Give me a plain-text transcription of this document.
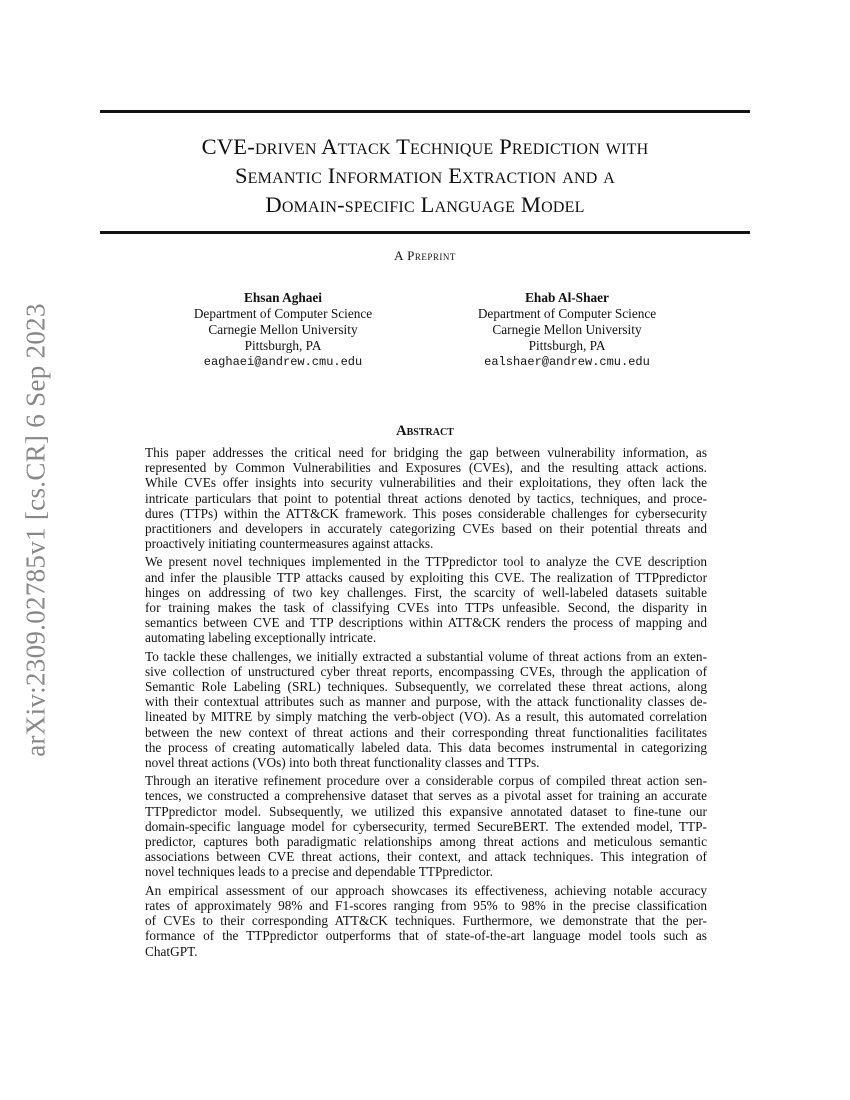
arXiv:2309.02785v1 [cs.CR] 6 Sep 2023
CVE-driven Attack Technique Prediction with
Semantic Information Extraction and a
Domain-specific Language Model
A Preprint
Ehsan Aghaei
Department of Computer Science
Carnegie Mellon University
Pittsburgh, PA
eaghaei@andrew.cmu.edu
Ehab Al-Shaer
Department of Computer Science
Carnegie Mellon University
Pittsburgh, PA
ealshaer@andrew.cmu.edu
Abstract
This paper addresses the critical need for bridging the gap between vulnerability information, as
represented by Common Vulnerabilities and Exposures (CVEs), and the resulting attack actions.
While CVEs offer insights into security vulnerabilities and their exploitations, they often lack the
intricate particulars that point to potential threat actions denoted by tactics, techniques, and proce-
dures (TTPs) within the ATT&CK framework. This poses considerable challenges for cybersecurity
practitioners and developers in accurately categorizing CVEs based on their potential threats and
proactively initiating countermeasures against attacks.
We present novel techniques implemented in the TTPpredictor tool to analyze the CVE description
and infer the plausible TTP attacks caused by exploiting this CVE. The realization of TTPpredictor
hinges on addressing of two key challenges. First, the scarcity of well-labeled datasets suitable
for training makes the task of classifying CVEs into TTPs unfeasible. Second, the disparity in
semantics between CVE and TTP descriptions within ATT&CK renders the process of mapping and
automating labeling exceptionally intricate.
To tackle these challenges, we initially extracted a substantial volume of threat actions from an exten-
sive collection of unstructured cyber threat reports, encompassing CVEs, through the application of
Semantic Role Labeling (SRL) techniques. Subsequently, we correlated these threat actions, along
with their contextual attributes such as manner and purpose, with the attack functionality classes de-
lineated by MITRE by simply matching the verb-object (VO). As a result, this automated correlation
between the new context of threat actions and their corresponding threat functionalities facilitates
the process of creating automatically labeled data. This data becomes instrumental in categorizing
novel threat actions (VOs) into both threat functionality classes and TTPs.
Through an iterative refinement procedure over a considerable corpus of compiled threat action sen-
tences, we constructed a comprehensive dataset that serves as a pivotal asset for training an accurate
TTPpredictor model. Subsequently, we utilized this expansive annotated dataset to fine-tune our
domain-specific language model for cybersecurity, termed SecureBERT. The extended model, TTP-
predictor, captures both paradigmatic relationships among threat actions and meticulous semantic
associations between CVE threat actions, their context, and attack techniques. This integration of
novel techniques leads to a precise and dependable TTPpredictor.
An empirical assessment of our approach showcases its effectiveness, achieving notable accuracy
rates of approximately 98% and F1-scores ranging from 95% to 98% in the precise classification
of CVEs to their corresponding ATT&CK techniques. Furthermore, we demonstrate that the per-
formance of the TTPpredictor outperforms that of state-of-the-art language model tools such as
ChatGPT.
